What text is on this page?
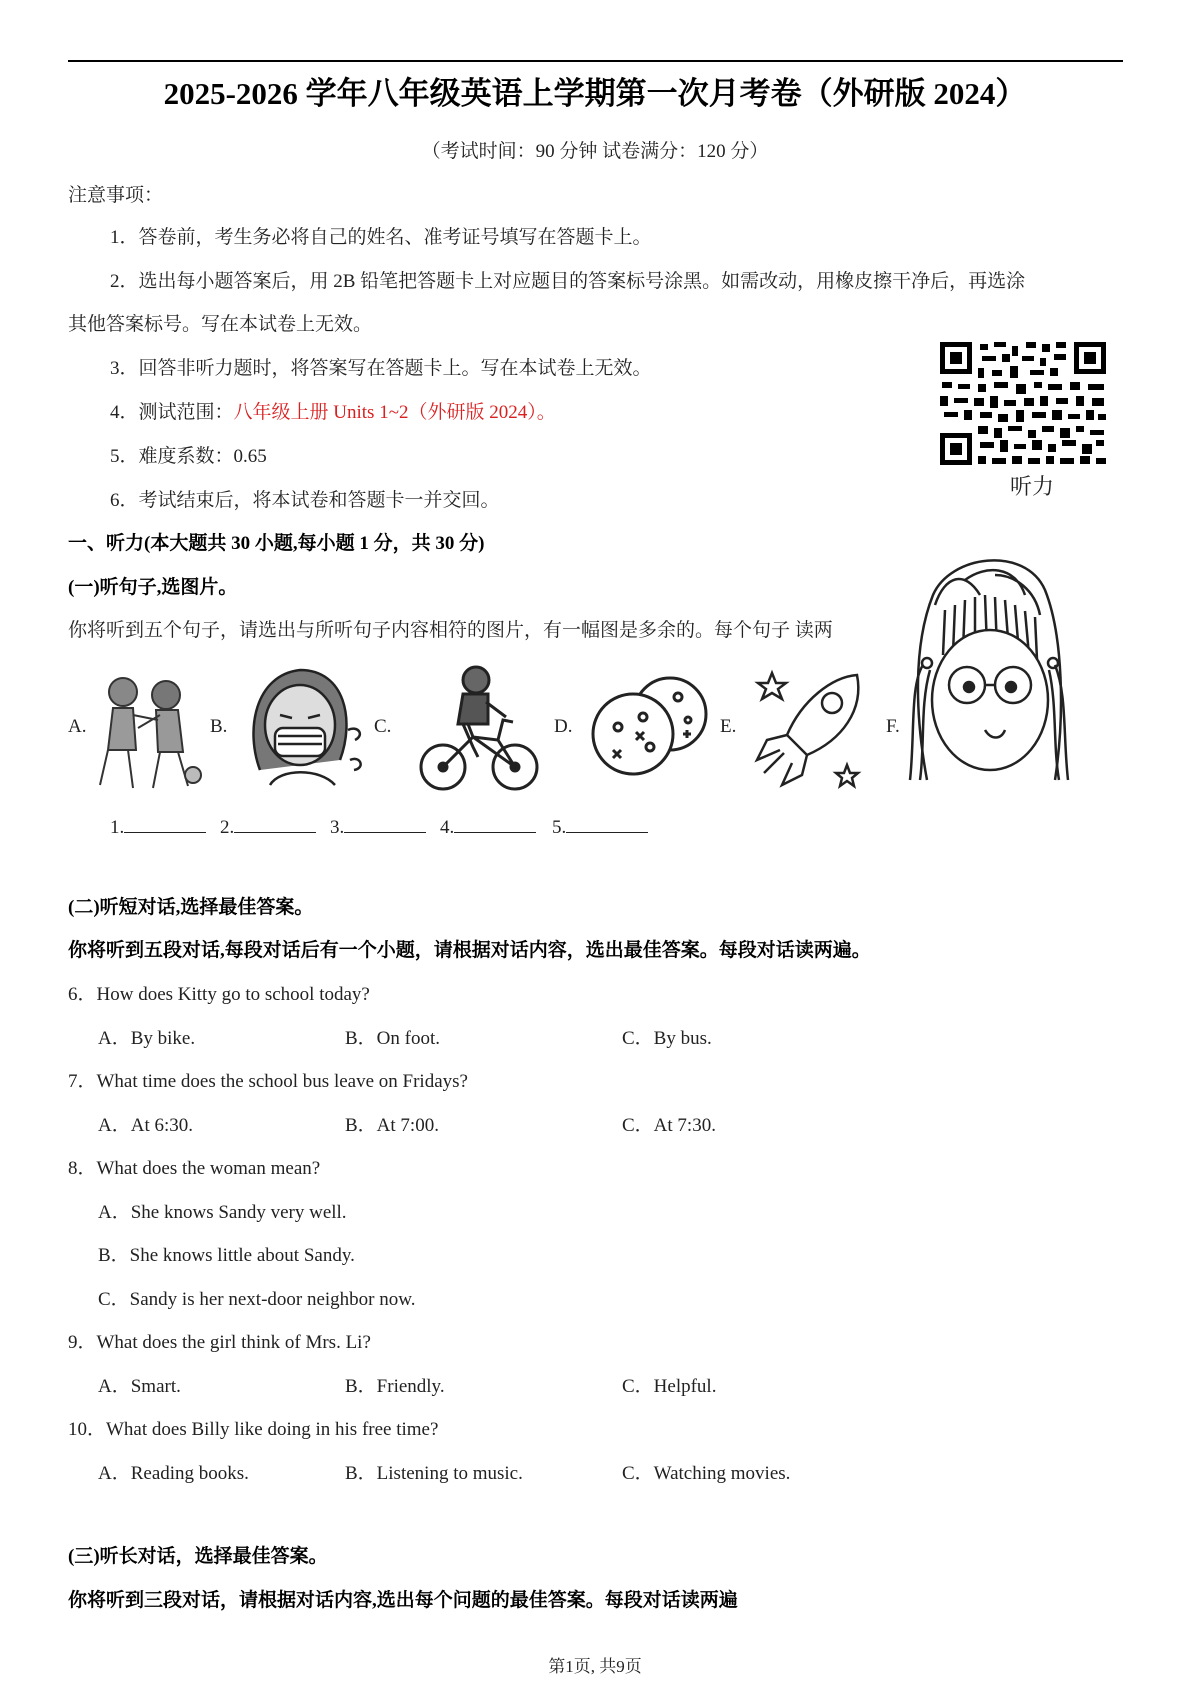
2025-2026 学年八年级英语上学期第一次月考卷（外研版 2024）
（考试时间：90 分钟 试卷满分：120 分）
注意事项：
1．答卷前，考生务必将自己的姓名、准考证号填写在答题卡上。
2．选出每小题答案后，用 2B 铅笔把答题卡上对应题目的答案标号涂黑。如需改动，用橡皮擦干净后，再选涂
其他答案标号。写在本试卷上无效。
3．回答非听力题时，将答案写在答题卡上。写在本试卷上无效。
4．测试范围：八年级上册 Units 1~2（外研版 2024）。
5．难度系数：0.65
6．考试结束后，将本试卷和答题卡一并交回。
听力
一、听力(本大题共 30 小题,每小题 1 分，共 30 分)
(一)听句子,选图片。
你将听到五个句子，请选出与所听句子内容相符的图片，有一幅图是多余的。每个句子 读两
A.	B.	C.	D.	E.	F.
1.	2.	3.	4.	5.
(二)听短对话,选择最佳答案。
你将听到五段对话,每段对话后有一个小题，请根据对话内容，选出最佳答案。每段对话读两遍。
6．How does Kitty go to school today?
A．By bike.	B．On foot.	C．By bus.
7．What time does the school bus leave on Fridays?
A．At 6:30.	B．At 7:00.	C．At 7:30.
8．What does the woman mean?
A．She knows Sandy very well.
B．She knows little about Sandy.
C．Sandy is her next-door neighbor now.
9．What does the girl think of Mrs. Li?
A．Smart.	B．Friendly.	C．Helpful.
10．What does Billy like doing in his free time?
A．Reading books.	B．Listening to music.	C．Watching movies.
(三)听长对话，选择最佳答案。
你将听到三段对话，请根据对话内容,选出每个问题的最佳答案。每段对话读两遍
第1页, 共9页
